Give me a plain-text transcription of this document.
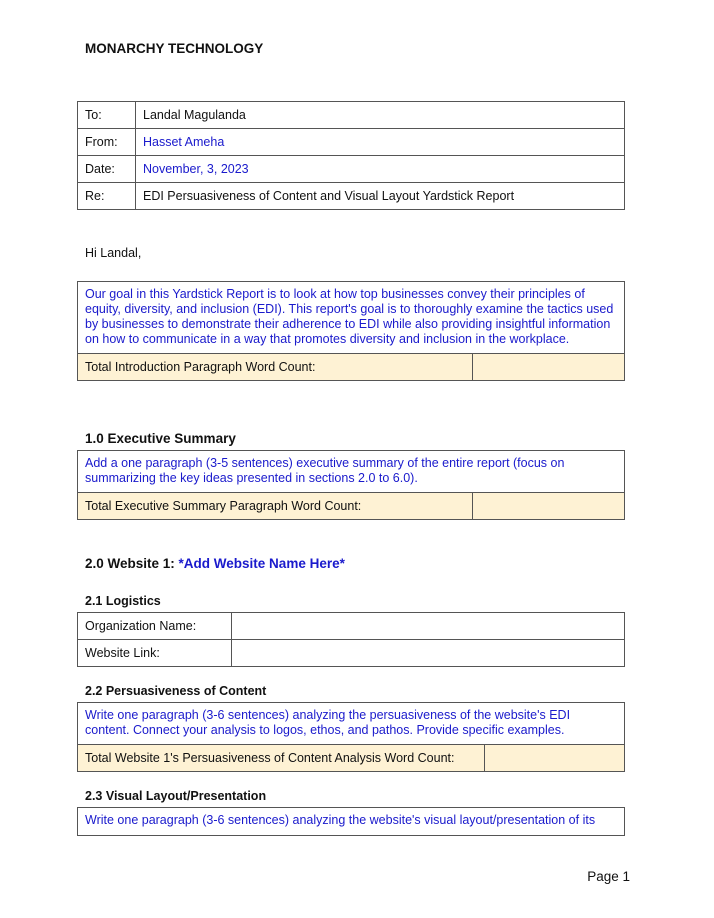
MONARCHY TECHNOLOGY
To:	Landal Magulanda
From:	Hasset Ameha
Date:	November, 3, 2023
Re:	EDI Persuasiveness of Content and Visual Layout Yardstick Report
Hi Landal,
Our goal in this Yardstick Report is to look at how top businesses convey their principles of equity, diversity, and inclusion (EDI). This report's goal is to thoroughly examine the tactics used by businesses to demonstrate their adherence to EDI while also providing insightful information on how to communicate in a way that promotes diversity and inclusion in the workplace.
Total Introduction Paragraph Word Count:	
1.0 Executive Summary
Add a one paragraph (3-5 sentences) executive summary of the entire report (focus on summarizing the key ideas presented in sections 2.0 to 6.0).
Total Executive Summary Paragraph Word Count:	
2.0 Website 1: *Add Website Name Here*
2.1 Logistics
Organization Name:	
Website Link:	
2.2 Persuasiveness of Content
Write one paragraph (3-6 sentences) analyzing the persuasiveness of the website's EDI content. Connect your analysis to logos, ethos, and pathos. Provide specific examples.
Total Website 1's Persuasiveness of Content Analysis Word Count:	
2.3 Visual Layout/Presentation
Write one paragraph (3-6 sentences) analyzing the website's visual layout/presentation of its
Page 1
